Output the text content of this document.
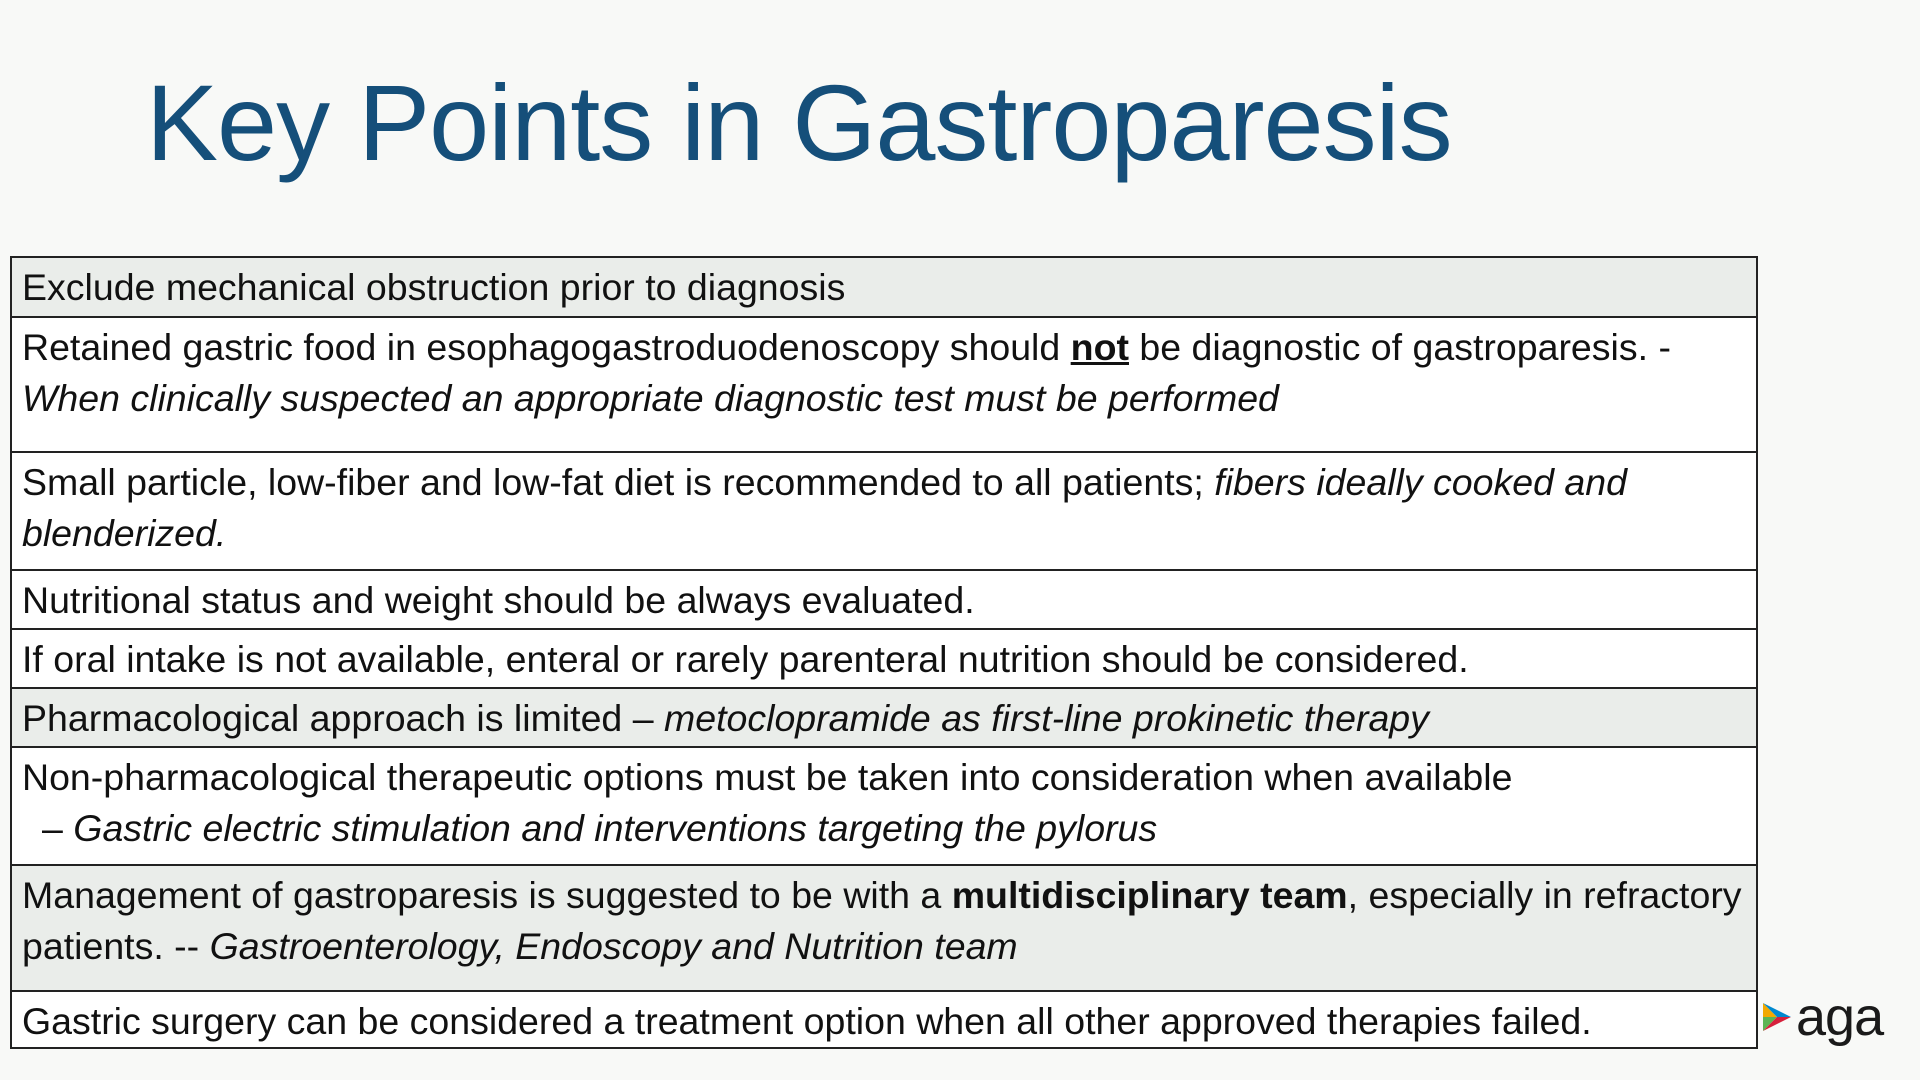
Key Points in Gastroparesis
Exclude mechanical obstruction prior to diagnosis
Retained gastric food in esophagogastroduodenoscopy should not be diagnostic of gastroparesis. - When clinically suspected an appropriate diagnostic test must be performed
Small particle, low-fiber and low-fat diet is recommended to all patients; fibers ideally cooked and blenderized.
Nutritional status and weight should be always evaluated.
If oral intake is not available, enteral or rarely parenteral nutrition should be considered.
Pharmacological approach is limited – metoclopramide as first-line prokinetic therapy
Non-pharmacological therapeutic options must be taken into consideration when available
– Gastric electric stimulation and interventions targeting the pylorus
Management of gastroparesis is suggested to be with a multidisciplinary team, especially in refractory patients. -- Gastroenterology, Endoscopy and Nutrition team
Gastric surgery can be considered a treatment option when all other approved therapies failed.	aga
